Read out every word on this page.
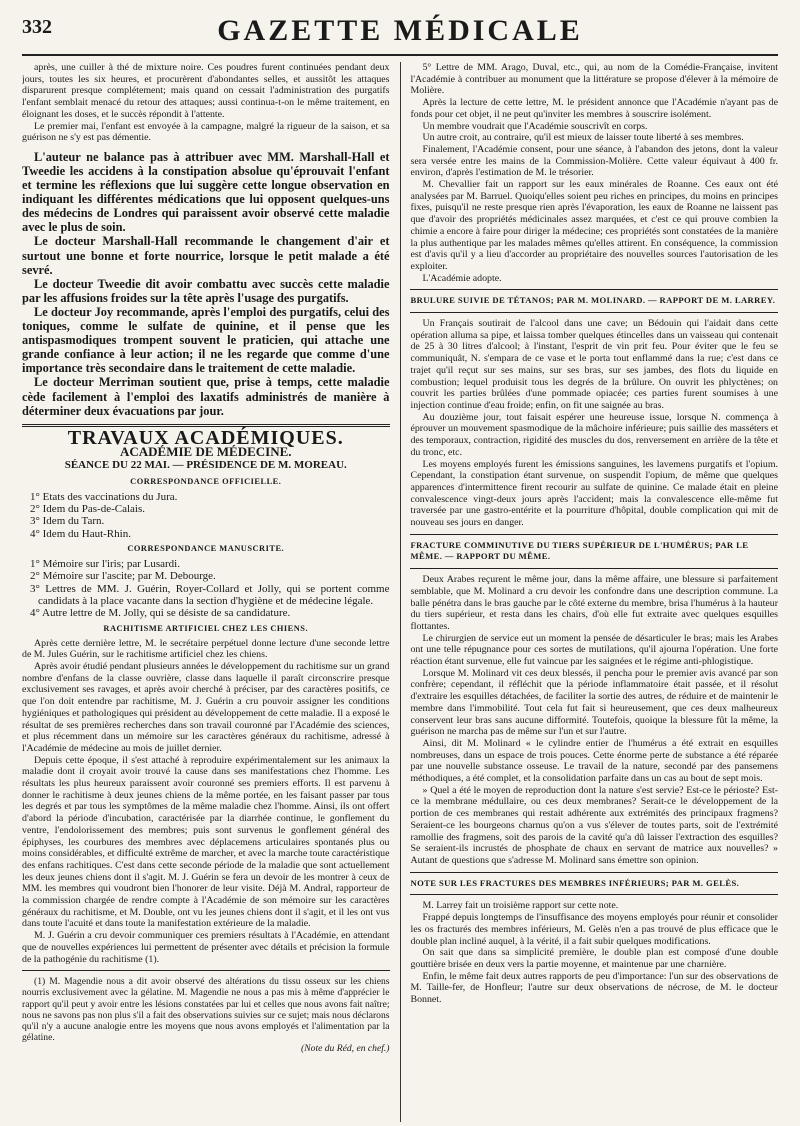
GAZETTE MÉDICALE
332

après, une cuiller à thé de mixture noire. Ces poudres furent continuées pendant deux jours, toutes les six heures, et procurèrent d'abondantes selles, et aussitôt les attaques disparurent presque complétement; mais quand on cessait l'administration des purgatifs l'enfant semblait menacé du retour des attaques; aussi continua-t-on le même traitement, en éloignant les doses, et le succès répondit à l'attente.

Le premier mai, l'enfant est envoyée à la campagne, malgré la rigueur de la saison, et sa guérison ne s'y est pas démentie.

L'auteur ne balance pas à attribuer avec MM. Marshall-Hall et Tweedie les accidens à la constipation absolue qu'éprouvait l'enfant et termine les réflexions que lui suggère cette longue observation en indiquant les différentes médications que lui opposent quelques-uns des médecins de Londres qui paraissent avoir observé cette maladie avec le plus de soin.

Le docteur Marshall-Hall recommande le changement d'air et surtout une bonne et forte nourrice, lorsque le petit malade a été sevré.

Le docteur Tweedie dit avoir combattu avec succès cette maladie par les affusions froides sur la tête après l'usage des purgatifs.

Le docteur Joy recommande, après l'emploi des purgatifs, celui des toniques, comme le sulfate de quinine, et il pense que les antispasmodiques trompent souvent le praticien, qui attache une grande confiance à leur action; il ne les regarde que comme d'une importance très secondaire dans le traitement de cette maladie.

Le docteur Merriman soutient que, prise à temps, cette maladie cède facilement à l'emploi des laxatifs administrés de manière à déterminer deux évacuations par jour.

TRAVAUX ACADÉMIQUES.
ACADÉMIE DE MÉDECINE.
SÉANCE DU 22 MAI. — PRÉSIDENCE DE M. MOREAU.
CORRESPONDANCE OFFICIELLE.
1° Etats des vaccinations du Jura.
2° Idem du Pas-de-Calais.
3° Idem du Tarn.
4° Idem du Haut-Rhin.
CORRESPONDANCE MANUSCRITE.
1° Mémoire sur l'iris; par Lusardi.
2° Mémoire sur l'ascite; par M. Debourge.
3° Lettres de MM. J. Guérin, Royer-Collard et Jolly, qui se portent comme candidats à la place vacante dans la section d'hygiène et de médecine légale.
4° Autre lettre de M. Jolly, qui se désiste de sa candidature.
RACHITISME ARTIFICIEL CHEZ LES CHIENS.

Après cette dernière lettre, M. le secrétaire perpétuel donne lecture d'une seconde lettre de M. Jules Guérin, sur le rachitisme artificiel chez les chiens.

Après avoir étudié pendant plusieurs années le développement du rachitisme sur un grand nombre d'enfans de la classe ouvrière, classe dans laquelle il paraît circonscrire presque exclusivement ses ravages, et après avoir cherché à préciser, par des caractères positifs, ce que l'on doit entendre par rachitisme, M. J. Guérin a cru pouvoir assigner les conditions hygiéniques et pathologiques qui président au développement de cette maladie. Il a exposé le résultat de ses premières recherches dans son travail couronné par l'Académie des sciences, et plus récemment dans un mémoire sur les caractères généraux du rachitisme, adressé à l'Académie de médecine au mois de juillet dernier.

Depuis cette époque, il s'est attaché à reproduire expérimentalement sur les animaux la maladie dont il croyait avoir trouvé la cause dans ses manifestations chez l'homme. Les résultats les plus heureux paraissent avoir couronné ses premiers efforts. Il est parvenu à donner le rachitisme à deux jeunes chiens de la même portée, en les faisant passer par tous les degrés et par tous les symptômes de la même maladie chez l'homme. Ainsi, ils ont offert d'abord la période d'incubation, caractérisée par la diarrhée continue, le gonflement du ventre, l'endolorissement des membres; puis sont survenus le gonflement général des épiphyses, les courbures des membres avec déplacemens articulaires spontanés plus ou moins considérables, et difficulté extrême de marcher, et avec la marche toute caractéristique des enfans rachitiques. C'est dans cette seconde période de la maladie que sont actuellement les deux jeunes chiens dont il s'agit. M. J. Guérin se fera un devoir de les montrer à ceux de MM. les membres qui voudront bien l'honorer de leur visite. Déjà M. Andral, rapporteur de la commission chargée de rendre compte à l'Académie de son mémoire sur les caractères généraux du rachitisme, et M. Double, ont vu les jeunes chiens dont il s'agit, et il les ont vus dans toute l'acuité et dans toute la manifestation extérieure de la maladie.

M. J. Guérin a cru devoir communiquer ces premiers résultats à l'Académie, en attendant que de nouvelles expériences lui permettent de présenter avec détails et précision la formule de la pathogénie du rachitisme (1).

(1) M. Magendie nous a dit avoir observé des altérations du tissu osseux sur les chiens nourris exclusivement avec la gélatine. M. Magendie ne nous a pas mis à même d'apprécier le rapport qu'il peut y avoir entre les lésions constatées par lui et celles que nous avons fait naître; nous ne savons pas non plus s'il a fait des observations suivies sur ce sujet; mais nous déclarons qu'il n'y a aucune analogie entre les moyens que nous avons employés et l'alimentation par la gélatine.

(Note du Réd, en chef.)

5° Lettre de MM. Arago, Duval, etc., qui, au nom de la Comédie-Française, invitent l'Académie à contribuer au monument que la littérature se propose d'élever à la mémoire de Molière.

Après la lecture de cette lettre, M. le président annonce que l'Académie n'ayant pas de fonds pour cet objet, il ne peut qu'inviter les membres à souscrire isolément.

Un membre voudrait que l'Académie souscrivît en corps.

Un autre croit, au contraire, qu'il est mieux de laisser toute liberté à ses membres.

Finalement, l'Académie consent, pour une séance, à l'abandon des jetons, dont la valeur sera versée entre les mains de la Commission-Molière. Cette valeur équivaut à 400 fr. environ, d'après l'estimation de M. le trésorier.

M. Chevallier fait un rapport sur les eaux minérales de Roanne. Ces eaux ont été analysées par M. Barruel. Quoiqu'elles soient peu riches en principes, du moins en principes fixes, puisqu'il ne reste presque rien après l'évaporation, les eaux de Roanne ne laissent pas que d'avoir des propriétés médicinales assez marquées, et c'est ce qui prouve combien la chimie a encore à faire pour diriger la médecine; ces propriétés sont constatées de la manière la plus authentique par les malades mêmes qu'elles attirent. En conséquence, la commission est d'avis qu'il y a lieu d'accorder au propriétaire des nouvelles sources l'autorisation de les exploiter.

L'Académie adopte.

BRULURE SUIVIE DE TÉTANOS; PAR M. MOLINARD. — RAPPORT DE M. LARREY.

Un Français soutirait de l'alcool dans une cave; un Bédouin qui l'aidait dans cette opération alluma sa pipe, et laissa tomber quelques étincelles dans un vaisseau qui contenait de 25 à 30 litres d'alcool; à l'instant, l'esprit de vin prit feu. Pour éviter que le feu se communiquât, N. s'empara de ce vase et le porta tout enflammé dans la rue; c'est dans ce trajet qu'il reçut sur ses mains, sur ses bras, sur ses jambes, des flots du liquide en combustion; lequel produisit tous les degrés de la brûlure. On ouvrit les phlyctènes; on couvrit les parties brûlées d'une pommade opiacée; ces parties furent soumises à une injection continue d'eau froide; enfin, on fit une saignée au bras.

Au douzième jour, tout faisait espérer une heureuse issue, lorsque N. commença à éprouver un mouvement spasmodique de la mâchoire inférieure; puis saillie des masséters et des temporaux, contraction, rigidité des muscles du dos, renversement en arrière de la tête et du tronc, etc.

Les moyens employés furent les émissions sanguines, les lavemens purgatifs et l'opium. Cependant, la constipation étant survenue, on suspendit l'opium, de même que quelques apparences d'intermittence firent recourir au sulfate de quinine. Ce malade était en pleine convalescence vingt-deux jours après l'accident; mais la convalescence elle-même fut traversée par une gastro-entérite et la pourriture d'hôpital, double complication qui mit de nouveau ses jours en danger.

FRACTURE COMMINUTIVE DU TIERS SUPÉRIEUR DE L'HUMÉRUS; PAR LE MÊME. — RAPPORT DU MÊME.

Deux Arabes reçurent le même jour, dans la même affaire, une blessure si parfaitement semblable, que M. Molinard a cru devoir les confondre dans une description commune. La balle pénétra dans le bras gauche par le côté externe du membre, brisa l'humérus à la hauteur du tiers supérieur, et resta dans les chairs, d'où elle fut extraite avec quelques esquilles flottantes.

Le chirurgien de service eut un moment la pensée de désarticuler le bras; mais les Arabes ont une telle répugnance pour ces sortes de mutilations, qu'il ajourna l'opération. Une forte réaction étant survenue, elle fut vaincue par les saignées et le régime anti-phlogistique.

Lorsque M. Molinard vit ces deux blessés, il pencha pour le premier avis avancé par son confrère; cependant, il réfléchit que la période inflammatoire était passée, et il résolut d'extraire les esquilles détachées, de faciliter la sortie des autres, de réduire et de maintenir le membre dans l'immobilité. Tout cela fut fait si heureusement, que ces deux malheureux conservent leur bras sans aucune difformité. Toutefois, quoique la blessure fût la même, la guérison ne marcha pas de même sur l'un et sur l'autre.

Ainsi, dit M. Molinard « le cylindre entier de l'humérus a été extrait en esquilles nombreuses, dans un espace de trois pouces. Cette énorme perte de substance a été réparée par une nouvelle substance osseuse. Le travail de la nature, secondé par des pansemens méthodiques, a été complet, et la consolidation parfaite dans un cas au bout de sept mois.

» Quel a été le moyen de reproduction dont la nature s'est servie? Est-ce le périoste? Est-ce la membrane médullaire, ou ces deux membranes? Serait-ce le développement de la portion de ces membranes qui restait adhérente aux extrémités des principaux fragmens? Seraient-ce les bourgeons charnus qu'on a vus s'élever de toutes parts, soit de l'extrémité ramollie des fragmens, soit des parois de la cavité qu'a dû laisser l'extraction des esquilles? Se seraient-ils incrustés de phosphate de chaux en servant de matrice aux nouvelles? » Autant de questions que s'adresse M. Molinard sans émettre son opinion.

NOTE SUR LES FRACTURES DES MEMBRES INFÉRIEURS; PAR M. GELÈS.

M. Larrey fait un troisième rapport sur cette note.

Frappé depuis longtemps de l'insuffisance des moyens employés pour réunir et consolider les os fracturés des membres inférieurs, M. Gelès n'en a pas trouvé de plus efficace que le double plan incliné auquel, à la vérité, il a fait subir quelques modifications.

On sait que dans sa simplicité première, le double plan est composé d'une double gouttière brisée en deux vers la partie moyenne, et maintenue par une charnière.

Enfin, le même fait deux autres rapports de peu d'importance: l'un sur des observations de M. Taille-fer, de Honfleur; l'autre sur deux observations de nécrose, de M. le docteur Bonnet.
